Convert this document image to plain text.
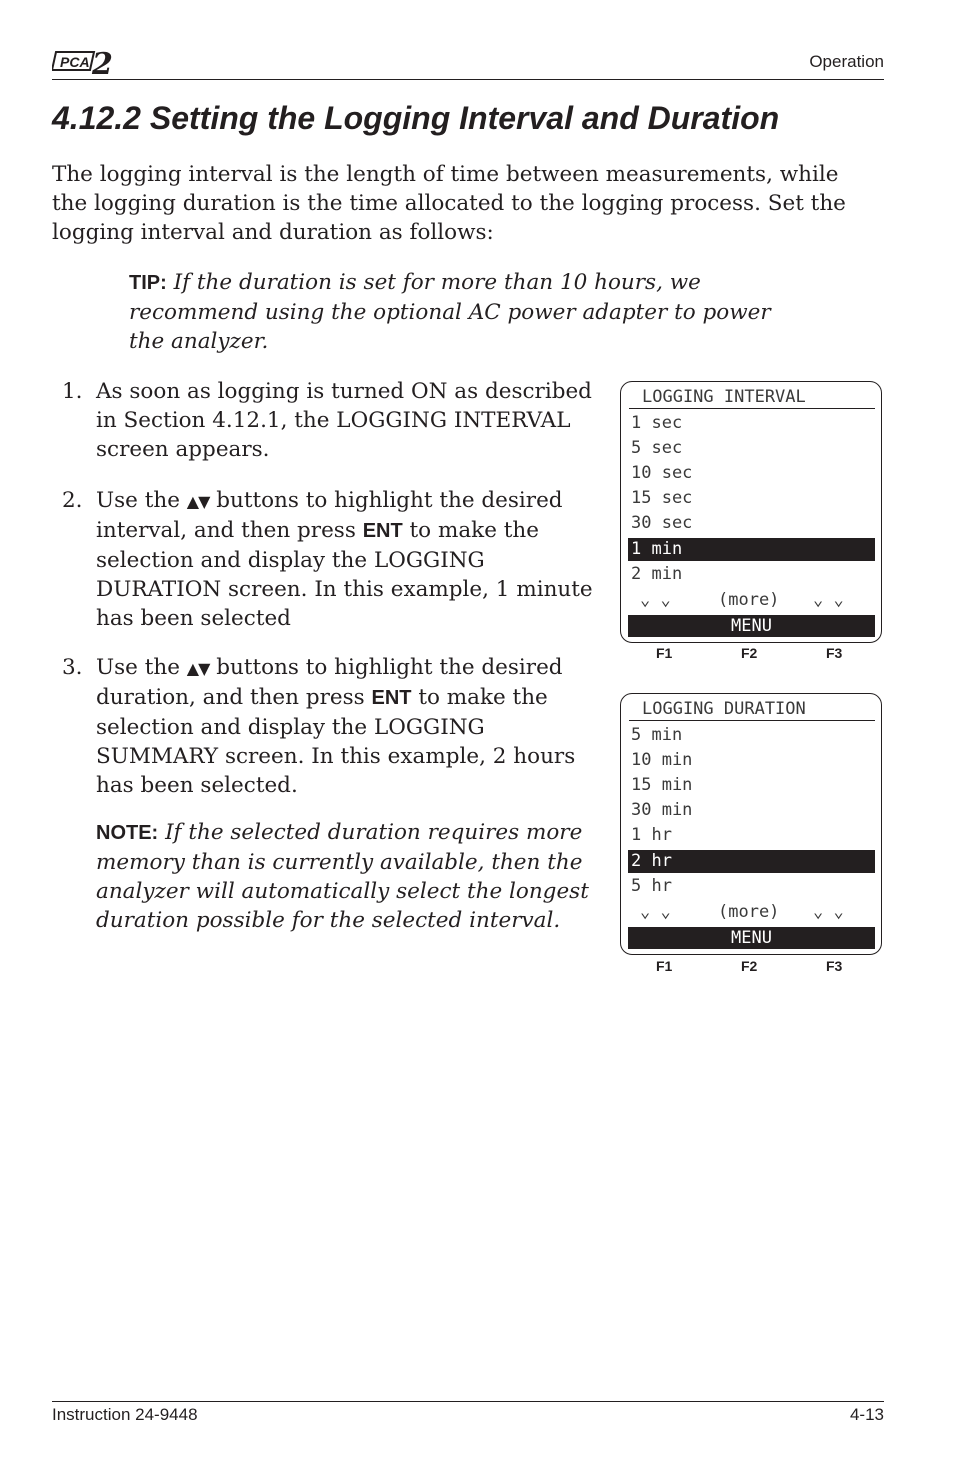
PCA 2	Operation
4.12.2 Setting the Logging Interval and Duration

The logging interval is the length of time between measurements, while the logging duration is the time allocated to the logging process. Set the logging interval and duration as follows:

TIP: If the duration is set for more than 10 hours, we recommend using the optional AC power adapter to power the analyzer.

1. As soon as logging is turned ON as described in Section 4.12.1, the LOGGING INTERVAL screen appears.
2. Use the ▲▼ buttons to highlight the desired interval, and then press ENT to make the selection and display the LOGGING DURATION screen. In this example, 1 minute has been selected
3. Use the ▲▼ buttons to highlight the desired duration, and then press ENT to make the selection and display the LOGGING SUMMARY screen. In this example, 2 hours has been selected.

NOTE: If the selected duration requires more memory than is currently available, then the analyzer will automatically select the longest duration possible for the selected interval.

LOGGING INTERVAL
1 sec
5 sec
10 sec
15 sec
30 sec
1 min
2 min
⌄ ⌄	(more) ⌄ ⌄
MENU
F1	F2	F3
LOGGING DURATION
5 min
10 min
15 min
30 min
1 hr
2 hr
5 hr
⌄ ⌄	(more) ⌄ ⌄
MENU
F1	F2	F3
Instruction 24-9448	4-13
